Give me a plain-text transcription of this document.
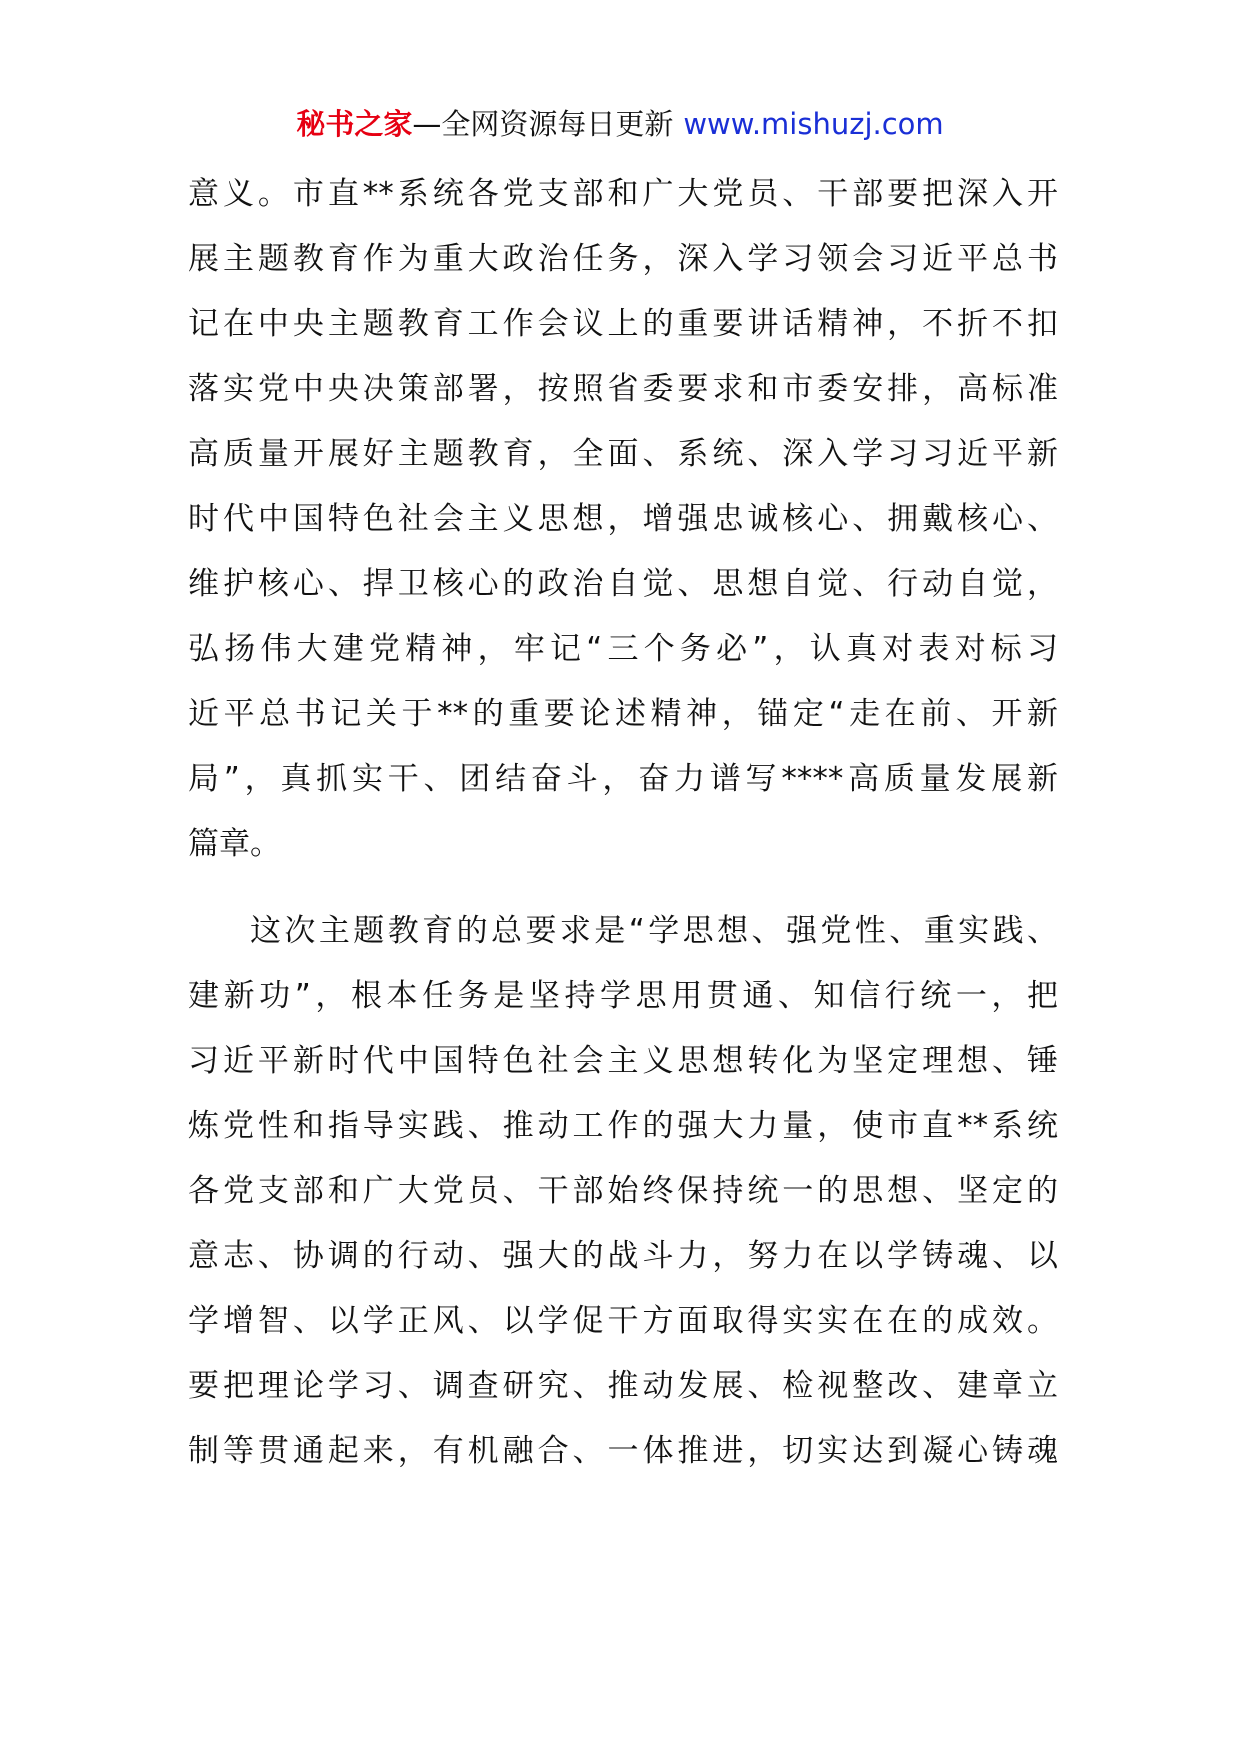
秘书之家—全网资源每日更新 www.mishuzj.com
意义。市直**系统各党支部和广大党员、干部要把深入开
展主题教育作为重大政治任务，深入学习领会习近平总书
记在中央主题教育工作会议上的重要讲话精神，不折不扣
落实党中央决策部署，按照省委要求和市委安排，高标准
高质量开展好主题教育，全面、系统、深入学习习近平新
时代中国特色社会主义思想，增强忠诚核心、拥戴核心、
维护核心、捍卫核心的政治自觉、思想自觉、行动自觉，
弘扬伟大建党精神，牢记“三个务必”，认真对表对标习
近平总书记关于**的重要论述精神，锚定“走在前、开新
局”，真抓实干、团结奋斗，奋力谱写****高质量发展新
篇章。
这次主题教育的总要求是“学思想、强党性、重实践、
建新功”，根本任务是坚持学思用贯通、知信行统一，把
习近平新时代中国特色社会主义思想转化为坚定理想、锤
炼党性和指导实践、推动工作的强大力量，使市直**系统
各党支部和广大党员、干部始终保持统一的思想、坚定的
意志、协调的行动、强大的战斗力，努力在以学铸魂、以
学增智、以学正风、以学促干方面取得实实在在的成效。
要把理论学习、调查研究、推动发展、检视整改、建章立
制等贯通起来，有机融合、一体推进，切实达到凝心铸魂
